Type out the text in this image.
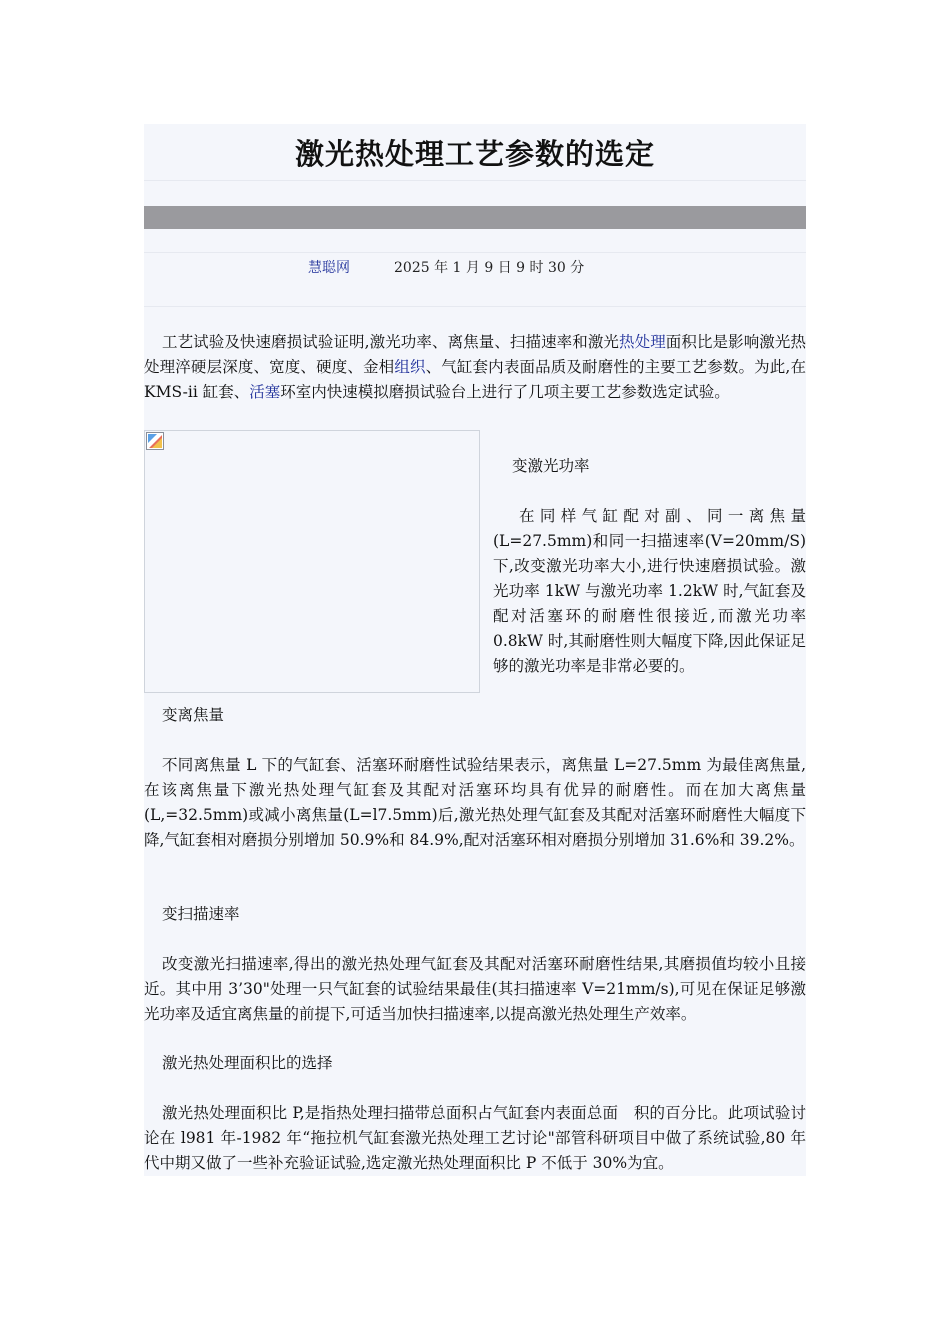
激光热处理工艺参数的选定
慧聪网	2025 年 1 月 9 日 9 时 30 分

工艺试验及快速磨损试验证明,激光功率、离焦量、扫描速率和激光热处理面积比是影响激光热处理淬硬层深度、宽度、硬度、金相组织、气缸套内表面品质及耐磨性的主要工艺参数。为此,在 KMS-ii 缸套、活塞环室内快速模拟磨损试验台上进行了几项主要工艺参数选定试验。

变激光功率

在同样气缸配对副、同一离焦量(L=27.5mm)和同一扫描速率(V=20mm/S)下,改变激光功率大小,进行快速磨损试验。激光功率 1kW 与激光功率 1.2kW 时,气缸套及配对活塞环的耐磨性很接近,而激光功率 0.8kW 时,其耐磨性则大幅度下降,因此保证足够的激光功率是非常必要的。

变离焦量

不同离焦量 L 下的气缸套、活塞环耐磨性试验结果表示，离焦量 L=27.5mm 为最佳离焦量,在该离焦量下激光热处理气缸套及其配对活塞环均具有优异的耐磨性。而在加大离焦量(L,=32.5mm)或减小离焦量(L=l7.5mm)后,激光热处理气缸套及其配对活塞环耐磨性大幅度下降,气缸套相对磨损分别增加 50.9%和 84.9%,配对活塞环相对磨损分别增加 31.6%和 39.2%。

变扫描速率

改变激光扫描速率,得出的激光热处理气缸套及其配对活塞环耐磨性结果,其磨损值均较小且接近。其中用 3’30"处理一只气缸套的试验结果最佳(其扫描速率 V=21mm/s),可见在保证足够激光功率及适宜离焦量的前提下,可适当加快扫描速率,以提高激光热处理生产效率。

激光热处理面积比的选择

激光热处理面积比 P,是指热处理扫描带总面积占气缸套内表面总面　积的百分比。此项试验讨论在 l981 年-1982 年“拖拉机气缸套激光热处理工艺讨论"部管科研项目中做了系统试验,80 年代中期又做了一些补充验证试验,选定激光热处理面积比 P 不低于 30%为宜。
